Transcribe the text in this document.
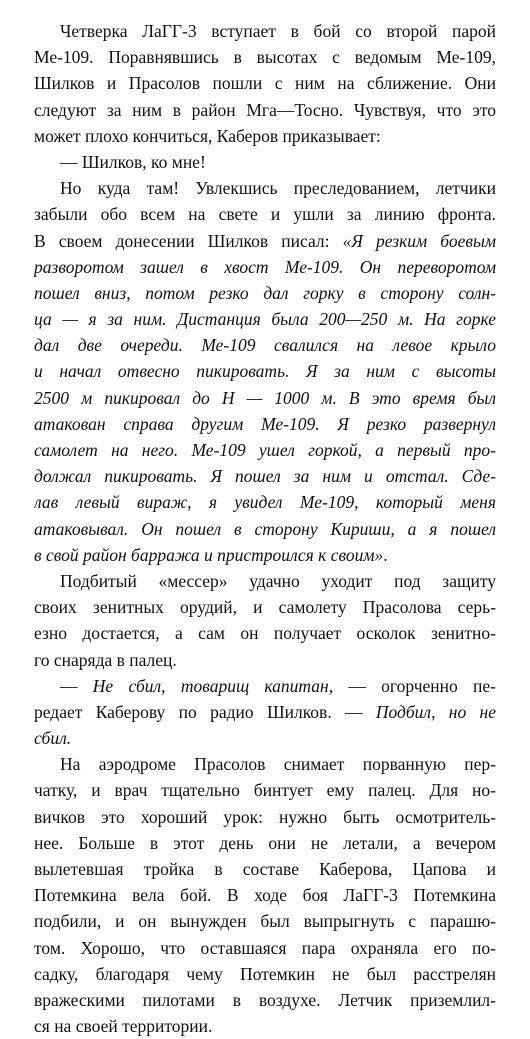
Четверка ЛаГГ-3 вступает в бой со второй парой
Ме-109. Поравнявшись в высотах с ведомым Ме-109,
Шилков и Прасолов пошли с ним на сближение. Они
следуют за ним в район Мга—Тосно. Чувствуя, что это
может плохо кончиться, Каберов приказывает:
— Шилков, ко мне!
Но куда там! Увлекшись преследованием, летчики
забыли обо всем на свете и ушли за линию фронта.
В своем донесении Шилков писал: «Я резким боевым
разворотом зашел в хвост Ме-109. Он переворотом
пошел вниз, потом резко дал горку в сторону солн-
ца — я за ним. Дистанция была 200—250 м. На горке
дал две очереди. Ме-109 свалился на левое крыло
и начал отвесно пикировать. Я за ним с высоты
2500 м пикировал до Н — 1000 м. В это время был
атакован справа другим Ме-109. Я резко развернул
самолет на него. Ме-109 ушел горкой, а первый про-
должал пикировать. Я пошел за ним и отстал. Сде-
лав левый вираж, я увидел Ме-109, который меня
атаковывал. Он пошел в сторону Кириши, а я пошел
в свой район барража и пристроился к своим».
Подбитый «мессер» удачно уходит под защиту
своих зенитных орудий, и самолету Прасолова серь-
езно достается, а сам он получает осколок зенитно-
го снаряда в палец.
— Не сбил, товарищ капитан, — огорченно пе-
редает Каберову по радио Шилков. — Подбил, но не
сбил.
На аэродроме Прасолов снимает порванную пер-
чатку, и врач тщательно бинтует ему палец. Для но-
вичков это хороший урок: нужно быть осмотритель-
нее. Больше в этот день они не летали, а вечером
вылетевшая тройка в составе Каберова, Цапова и
Потемкина вела бой. В ходе боя ЛаГГ-3 Потемкина
подбили, и он вынужден был выпрыгнуть с парашю-
том. Хорошо, что оставшаяся пара охраняла его по-
садку, благодаря чему Потемкин не был расстрелян
вражескими пилотами в воздухе. Летчик приземлил-
ся на своей территории.
